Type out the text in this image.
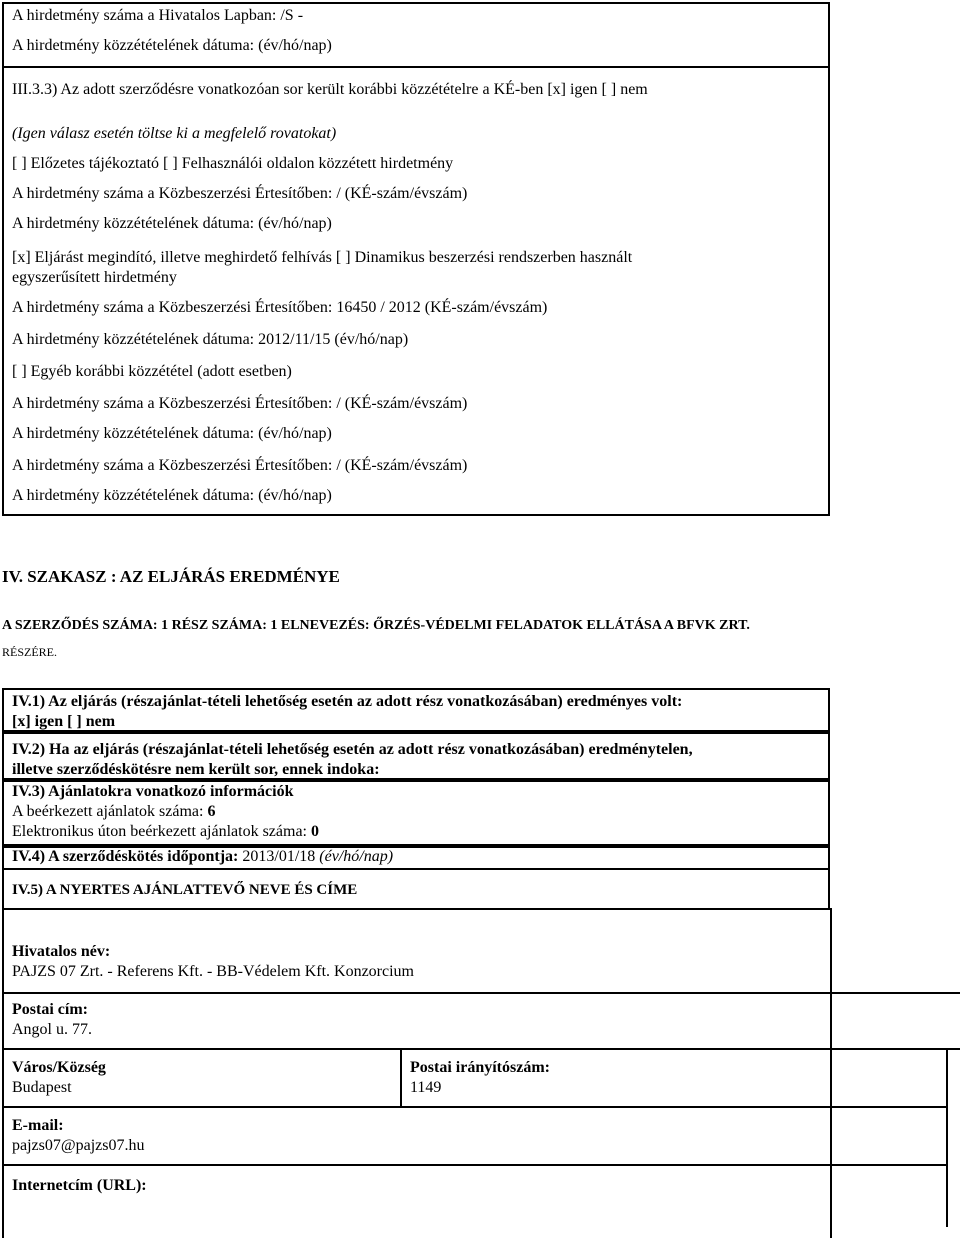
A hirdetmény száma a Hivatalos Lapban: /S -
A hirdetmény közzétételének dátuma: (év/hó/nap)
III.3.3) Az adott szerződésre vonatkozóan sor került korábbi közzétételre a KÉ-ben [x] igen [ ] nem
(Igen válasz esetén töltse ki a megfelelő rovatokat)
[ ] Előzetes tájékoztató [ ] Felhasználói oldalon közzétett hirdetmény
A hirdetmény száma a Közbeszerzési Értesítőben: / (KÉ-szám/évszám)
A hirdetmény közzétételének dátuma: (év/hó/nap)
[x] Eljárást megindító, illetve meghirdető felhívás [ ] Dinamikus beszerzési rendszerben használt
egyszerűsített hirdetmény
A hirdetmény száma a Közbeszerzési Értesítőben: 16450 / 2012 (KÉ-szám/évszám)
A hirdetmény közzétételének dátuma: 2012/11/15 (év/hó/nap)
[ ] Egyéb korábbi közzététel (adott esetben)
A hirdetmény száma a Közbeszerzési Értesítőben: / (KÉ-szám/évszám)
A hirdetmény közzétételének dátuma: (év/hó/nap)
A hirdetmény száma a Közbeszerzési Értesítőben: / (KÉ-szám/évszám)
A hirdetmény közzétételének dátuma: (év/hó/nap)
IV. SZAKASZ : AZ ELJÁRÁS EREDMÉNYE
A SZERZŐDÉS SZÁMA: 1 RÉSZ SZÁMA: 1 ELNEVEZÉS: ŐRZÉS-VÉDELMI FELADATOK ELLÁTÁSA A BFVK ZRT.
RÉSZÉRE.
IV.1) Az eljárás (részajánlat-tételi lehetőség esetén az adott rész vonatkozásában) eredményes volt:
[x] igen [ ] nem
IV.2) Ha az eljárás (részajánlat-tételi lehetőség esetén az adott rész vonatkozásában) eredménytelen,
illetve szerződéskötésre nem került sor, ennek indoka:
IV.3) Ajánlatokra vonatkozó információk
A beérkezett ajánlatok száma: 6
Elektronikus úton beérkezett ajánlatok száma: 0
IV.4) A szerződéskötés időpontja: 2013/01/18 (év/hó/nap)
IV.5) A NYERTES AJÁNLATTEVŐ NEVE ÉS CÍME
Hivatalos név:
PAJZS 07 Zrt. - Referens Kft. - BB-Védelem Kft. Konzorcium
Postai cím:
Angol u. 77.
Város/Község
Budapest
Postai irányítószám:
1149
E-mail:
pajzs07@pajzs07.hu
Internetcím (URL):
